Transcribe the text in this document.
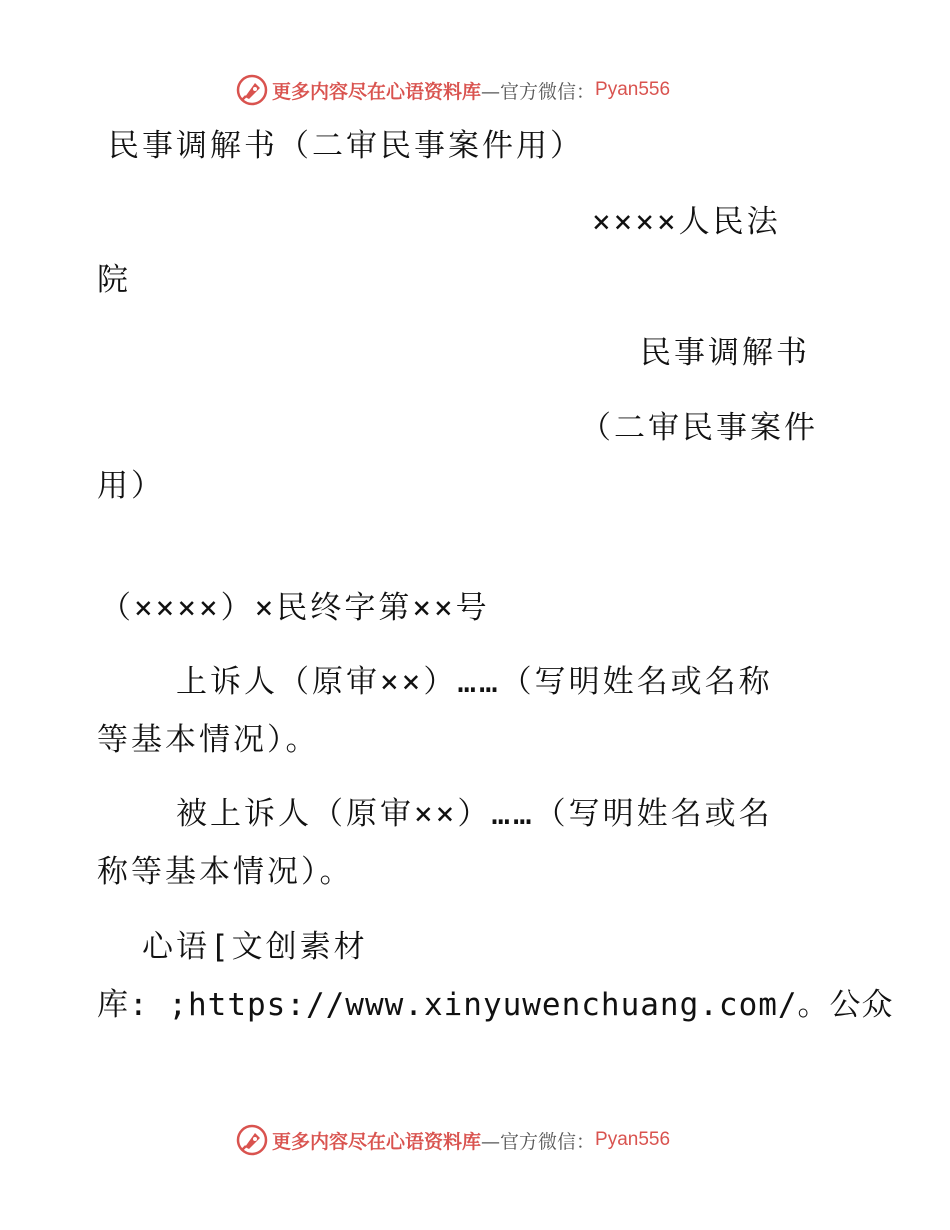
更多内容尽在心语资料库 —官方微信： Pyan556
民事调解书（二审民事案件用）
××××人民法
院
民事调解书
（二审民事案件
用）
（××××）×民终字第××号
上诉人（原审××）……（写明姓名或名称
等基本情况）。
被上诉人（原审××）……（写明姓名或名
称等基本情况）。
心语[文创素材
库: ;https://www.xinyuwenchuang.com/。公众
更多内容尽在心语资料库 —官方微信： Pyan556
